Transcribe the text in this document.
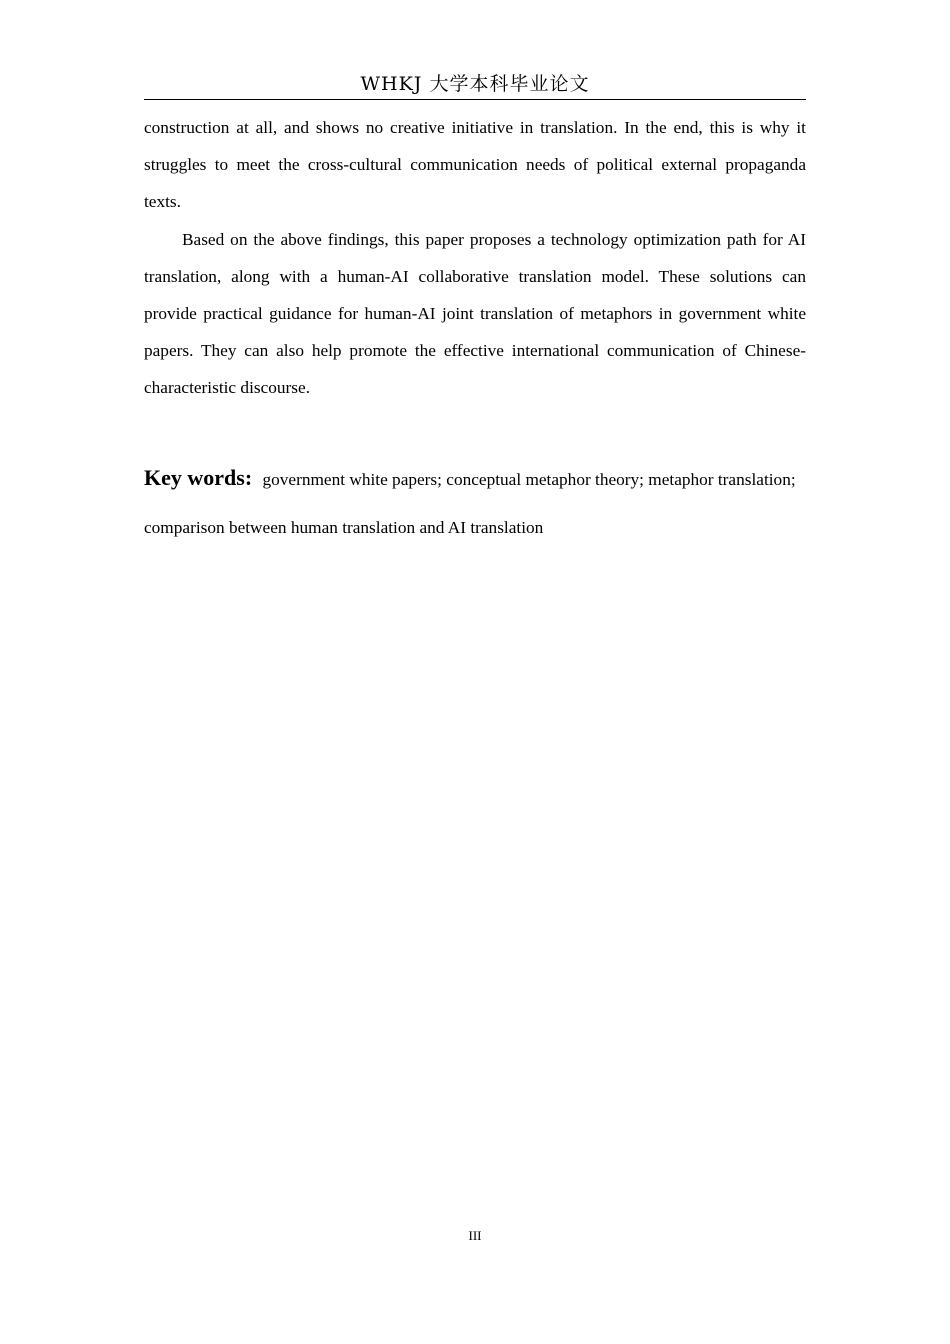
WHKJ 大学本科毕业论文

construction at all, and shows no creative initiative in translation. In the end, this is why it struggles to meet the cross-cultural communication needs of political external propaganda texts.

Based on the above findings, this paper proposes a technology optimization path for AI translation, along with a human-AI collaborative translation model. These solutions can provide practical guidance for human-AI joint translation of metaphors in government white papers. They can also help promote the effective international communication of Chinese-characteristic discourse.

Key words: government white papers; conceptual metaphor theory; metaphor translation; comparison between human translation and AI translation
III
